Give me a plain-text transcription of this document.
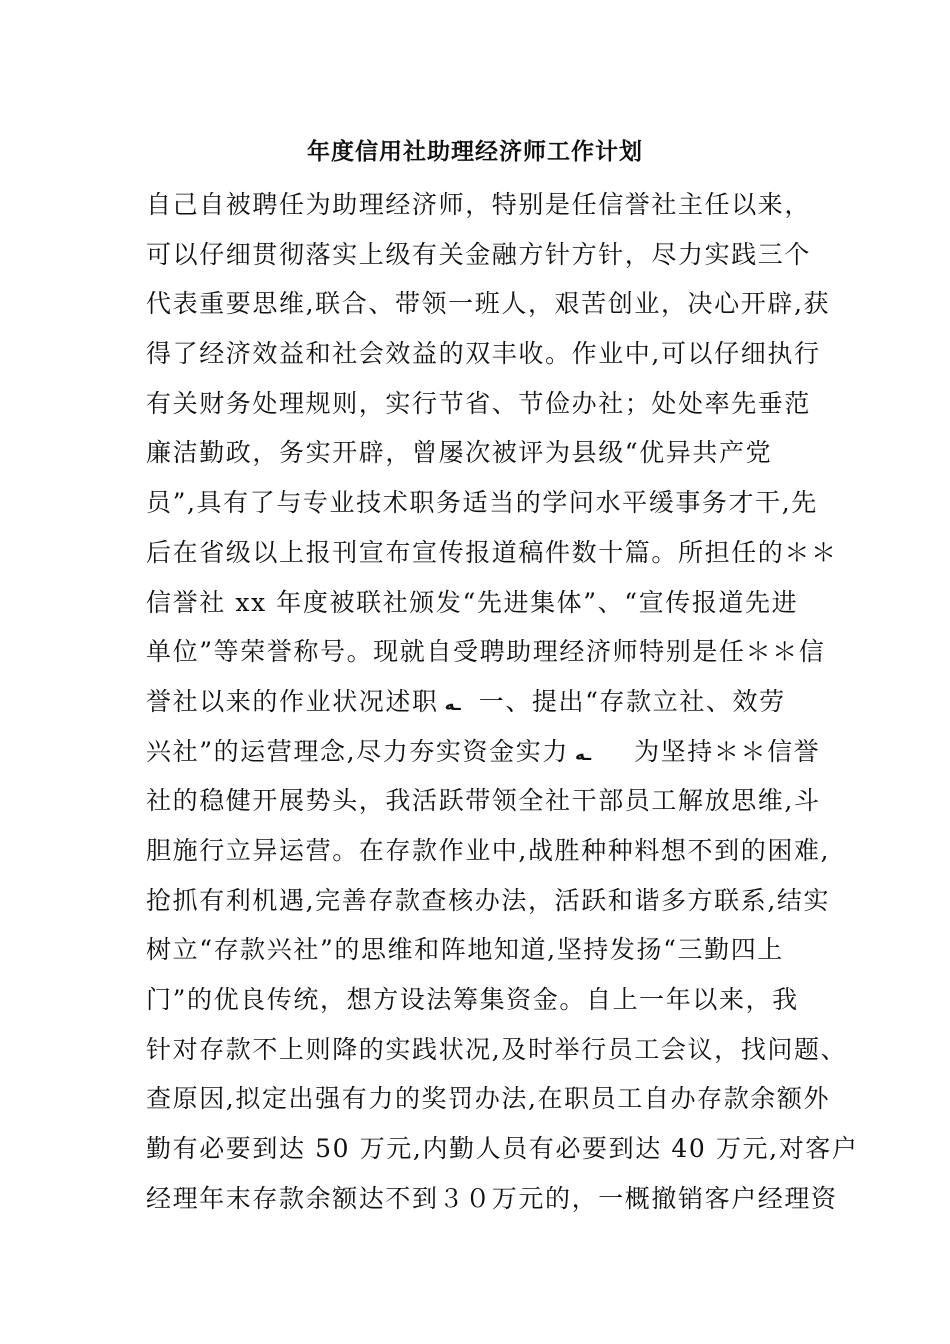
年度信用社助理经济师工作计划
自己自被聘任为助理经济师，特别是任信誉社主任以来，
可以仔细贯彻落实上级有关金融方针方针，尽力实践三个
代表重要思维,联合、带领一班人，艰苦创业，决心开辟,获
得了经济效益和社会效益的双丰收。作业中,可以仔细执行
有关财务处理规则，实行节省、节俭办社；处处率先垂范
廉洁勤政，务实开辟，曾屡次被评为县级“优异共产党
员”,具有了与专业技术职务适当的学问水平缓事务才干,先
后在省级以上报刊宣布宣传报道稿件数十篇。所担任的＊＊
信誉社 xx 年度被联社颁发“先进集体”、“宣传报道先进
单位”等荣誉称号。现就自受聘助理经济师特别是任＊＊信
誉社以来的作业状况述职 ـه 一、提出“存款立社、效劳
兴社”的运营理念,尽力夯实资金实力 ـه　为坚持＊＊信誉
社的稳健开展势头，我活跃带领全社干部员工解放思维,斗
胆施行立异运营。在存款作业中,战胜种种料想不到的困难,
抢抓有利机遇,完善存款查核办法，活跃和谐多方联系,结实
树立“存款兴社”的思维和阵地知道,坚持发扬“三勤四上
门”的优良传统，想方设法筹集资金。自上一年以来，我
针对存款不上则降的实践状况,及时举行员工会议，找问题、
查原因,拟定出强有力的奖罚办法,在职员工自办存款余额外
勤有必要到达 50 万元,内勤人员有必要到达 40 万元,对客户
经理年末存款余额达不到３０万元的，一概撤销客户经理资
